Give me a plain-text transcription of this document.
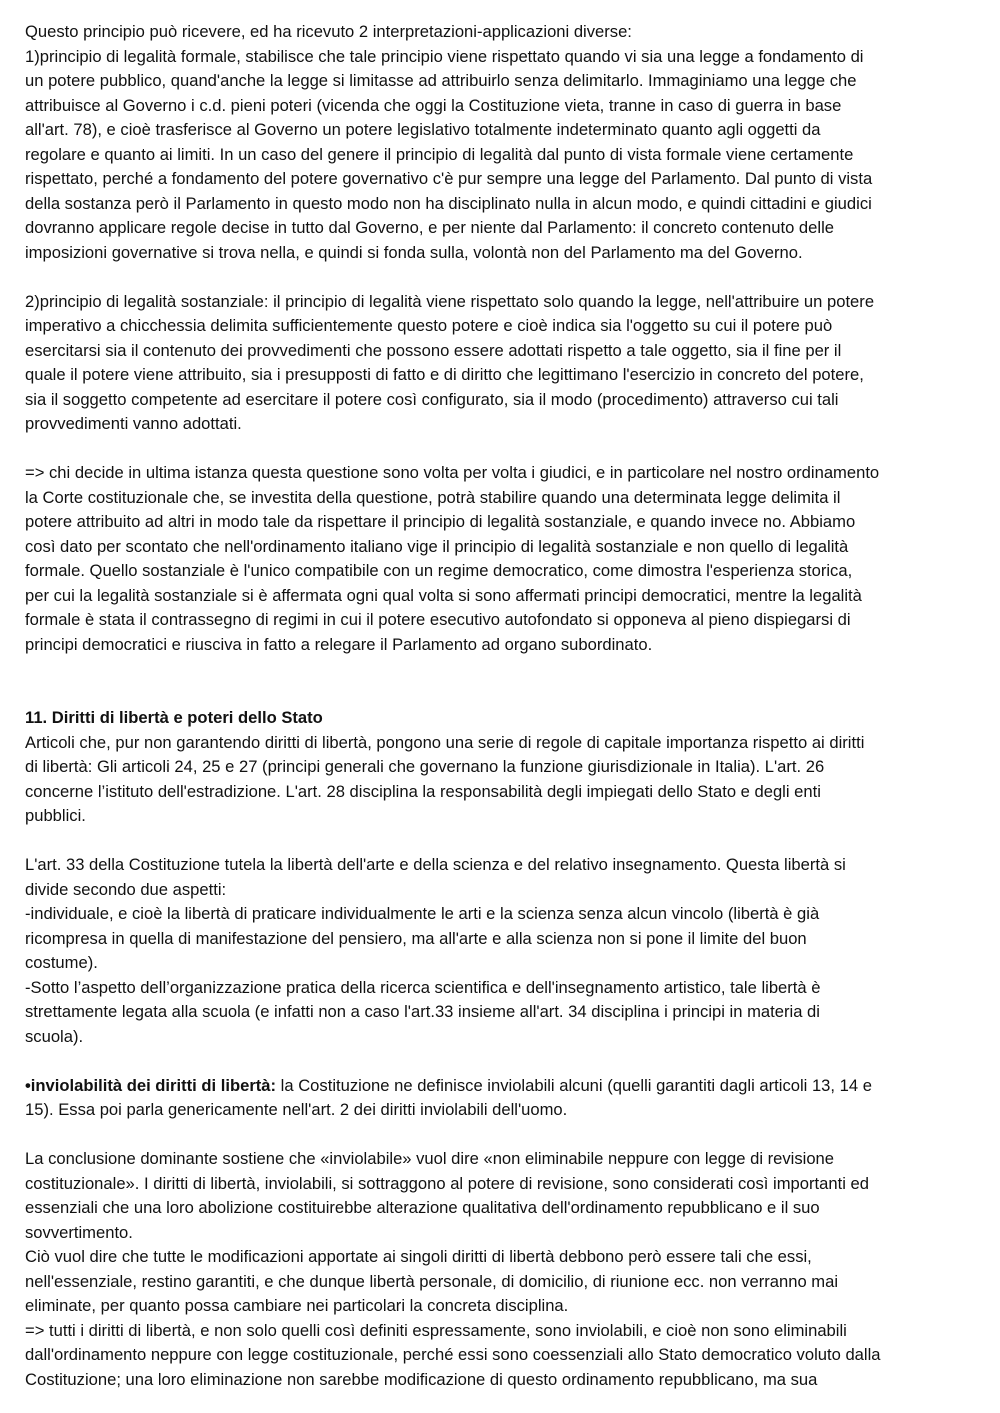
Questo principio può ricevere, ed ha ricevuto 2 interpretazioni-applicazioni diverse:
1)principio di legalità formale, stabilisce che tale principio viene rispettato quando vi sia una legge a fondamento di
un potere pubblico, quand'anche la legge si limitasse ad attribuirlo senza delimitarlo. Immaginiamo una legge che
attribuisce al Governo i c.d. pieni poteri (vicenda che oggi la Costituzione vieta, tranne in caso di guerra in base
all'art. 78), e cioè trasferisce al Governo un potere legislativo totalmente indeterminato quanto agli oggetti da
regolare e quanto ai limiti. In un caso del genere il principio di legalità dal punto di vista formale viene certamente
rispettato, perché a fondamento del potere governativo c'è pur sempre una legge del Parlamento. Dal punto di vista
della sostanza però il Parlamento in questo modo non ha disciplinato nulla in alcun modo, e quindi cittadini e giudici
dovranno applicare regole decise in tutto dal Governo, e per niente dal Parlamento: il concreto contenuto delle
imposizioni governative si trova nella, e quindi si fonda sulla, volontà non del Parlamento ma del Governo.
2)principio di legalità sostanziale: il principio di legalità viene rispettato solo quando la legge, nell'attribuire un potere
imperativo a chicchessia delimita sufficientemente questo potere e cioè indica sia l'oggetto su cui il potere può
esercitarsi sia il contenuto dei provvedimenti che possono essere adottati rispetto a tale oggetto, sia il fine per il
quale il potere viene attribuito, sia i presupposti di fatto e di diritto che legittimano l'esercizio in concreto del potere,
sia il soggetto competente ad esercitare il potere così configurato, sia il modo (procedimento) attraverso cui tali
provvedimenti vanno adottati.
=> chi decide in ultima istanza questa questione sono volta per volta i giudici, e in particolare nel nostro ordinamento
la Corte costituzionale che, se investita della questione, potrà stabilire quando una determinata legge delimita il
potere attribuito ad altri in modo tale da rispettare il principio di legalità sostanziale, e quando invece no. Abbiamo
così dato per scontato che nell'ordinamento italiano vige il principio di legalità sostanziale e non quello di legalità
formale. Quello sostanziale è l'unico compatibile con un regime democratico, come dimostra l'esperienza storica,
per cui la legalità sostanziale si è affermata ogni qual volta si sono affermati principi democratici, mentre la legalità
formale è stata il contrassegno di regimi in cui il potere esecutivo autofondato si opponeva al pieno dispiegarsi di
principi democratici e riusciva in fatto a relegare il Parlamento ad organo subordinato.
11. Diritti di libertà e poteri dello Stato
Articoli che, pur non garantendo diritti di libertà, pongono una serie di regole di capitale importanza rispetto ai diritti
di libertà: Gli articoli 24, 25 e 27 (principi generali che governano la funzione giurisdizionale in Italia). L'art. 26
concerne l’istituto dell'estradizione. L'art. 28 disciplina la responsabilità degli impiegati dello Stato e degli enti
pubblici.
L'art. 33 della Costituzione tutela la libertà dell'arte e della scienza e del relativo insegnamento. Questa libertà si
divide secondo due aspetti:
-individuale, e cioè la libertà di praticare individualmente le arti e la scienza senza alcun vincolo (libertà è già
ricompresa in quella di manifestazione del pensiero, ma all'arte e alla scienza non si pone il limite del buon
costume).
-Sotto l’aspetto dell’organizzazione pratica della ricerca scientifica e dell'insegnamento artistico, tale libertà è
strettamente legata alla scuola (e infatti non a caso l'art.33 insieme all'art. 34 disciplina i principi in materia di
scuola).
•inviolabilità dei diritti di libertà: la Costituzione ne definisce inviolabili alcuni (quelli garantiti dagli articoli 13, 14 e
15). Essa poi parla genericamente nell'art. 2 dei diritti inviolabili dell'uomo.
La conclusione dominante sostiene che «inviolabile» vuol dire «non eliminabile neppure con legge di revisione
costituzionale». I diritti di libertà, inviolabili, si sottraggono al potere di revisione, sono considerati così importanti ed
essenziali che una loro abolizione costituirebbe alterazione qualitativa dell'ordinamento repubblicano e il suo
sovvertimento.
Ciò vuol dire che tutte le modificazioni apportate ai singoli diritti di libertà debbono però essere tali che essi,
nell'essenziale, restino garantiti, e che dunque libertà personale, di domicilio, di riunione ecc. non verranno mai
eliminate, per quanto possa cambiare nei particolari la concreta disciplina.
=> tutti i diritti di libertà, e non solo quelli così definiti espressamente, sono inviolabili, e cioè non sono eliminabili
dall'ordinamento neppure con legge costituzionale, perché essi sono coessenziali allo Stato democratico voluto dalla
Costituzione; una loro eliminazione non sarebbe modificazione di questo ordinamento repubblicano, ma sua
